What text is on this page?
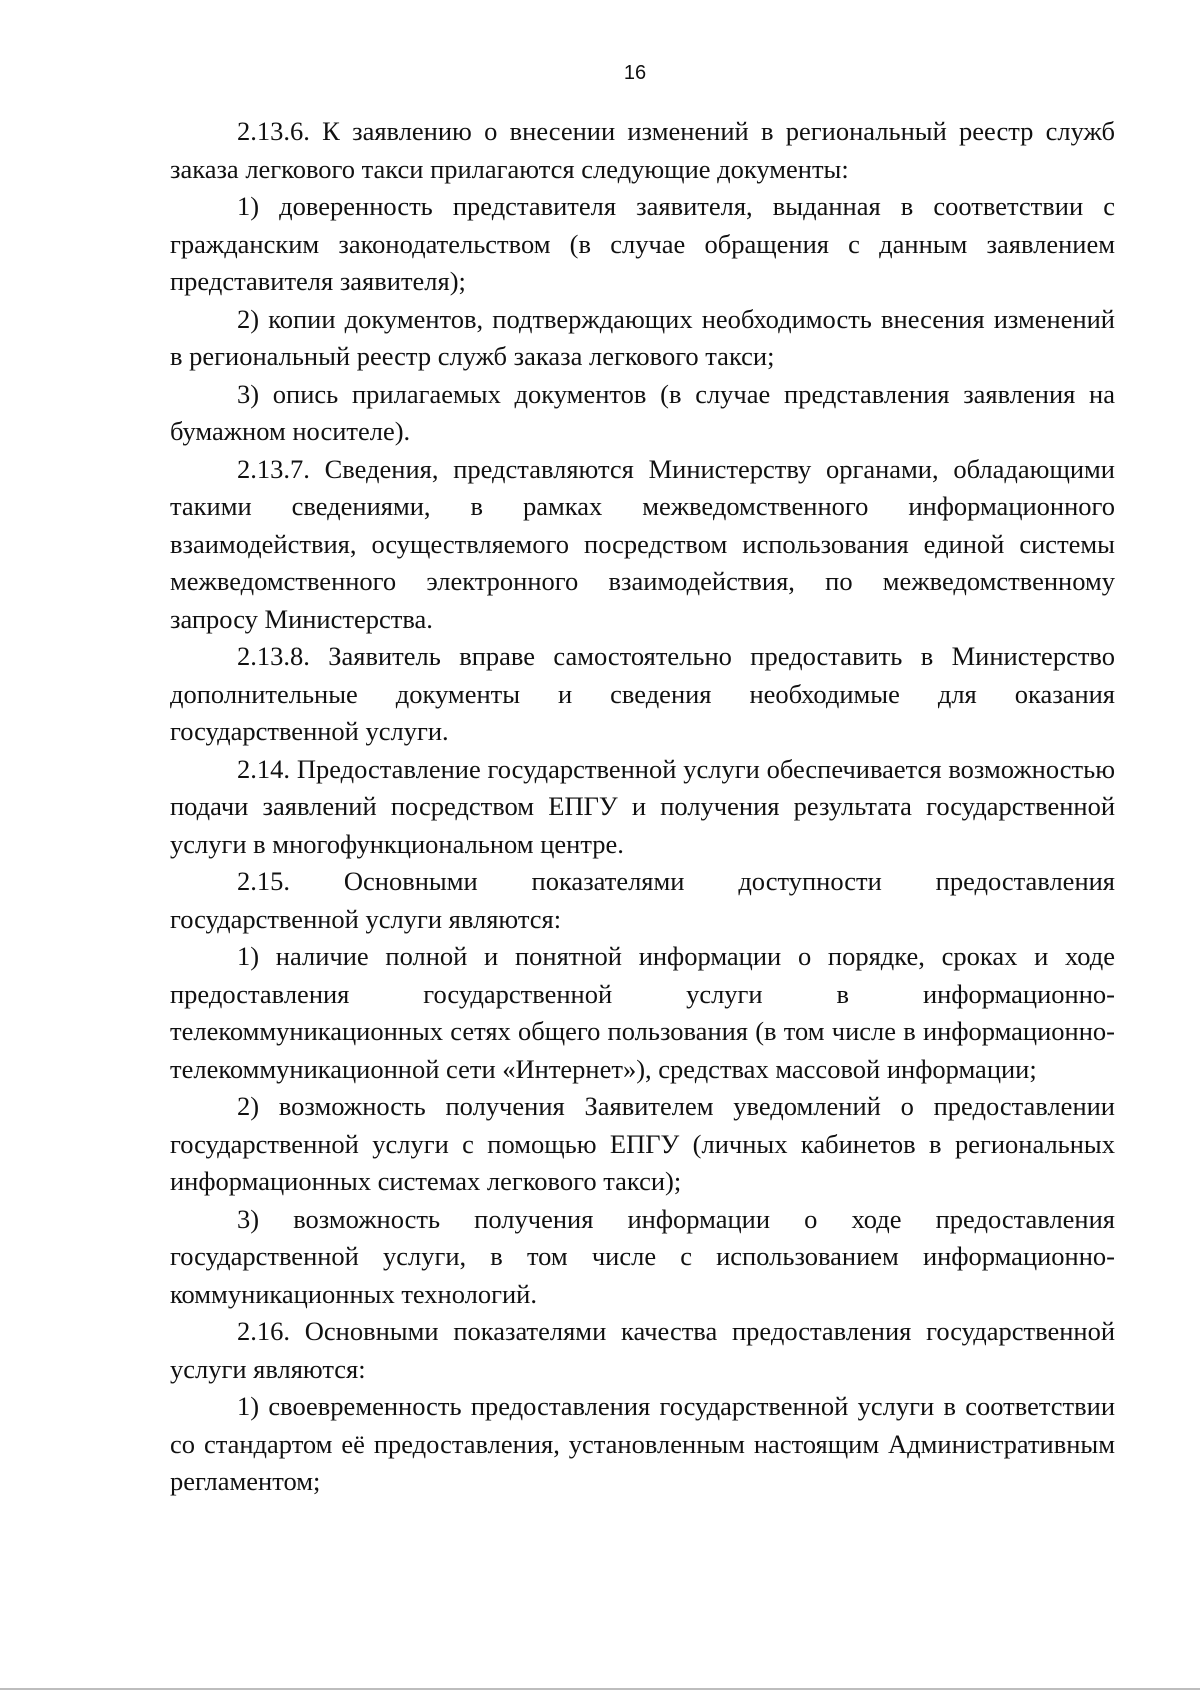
16

2.13.6. К заявлению о внесении изменений в региональный реестр служб заказа легкового такси прилагаются следующие документы:

1) доверенность представителя заявителя, выданная в соответствии с гражданским законодательством (в случае обращения с данным заявлением представителя заявителя);

2) копии документов, подтверждающих необходимость внесения изменений в региональный реестр служб заказа легкового такси;

3) опись прилагаемых документов (в случае представления заявления на бумажном носителе).

2.13.7. Сведения, представляются Министерству органами, обладающими такими сведениями, в рамках межведомственного информационного взаимодействия, осуществляемого посредством использования единой системы межведомственного электронного взаимодействия, по межведомственному запросу Министерства.

2.13.8. Заявитель вправе самостоятельно предоставить в Министерство дополнительные документы и сведения необходимые для оказания государственной услуги.

2.14. Предоставление государственной услуги обеспечивается возможностью подачи заявлений посредством ЕПГУ и получения результата государственной услуги в многофункциональном центре.

2.15. Основными показателями доступности предоставления государственной услуги являются:

1) наличие полной и понятной информации о порядке, сроках и ходе предоставления государственной услуги в информационно-телекоммуникационных сетях общего пользования (в том числе в информационно-телекоммуникационной сети «Интернет»), средствах массовой информации;

2) возможность получения Заявителем уведомлений о предоставлении государственной услуги с помощью ЕПГУ (личных кабинетов в региональных информационных системах легкового такси);

3) возможность получения информации о ходе предоставления государственной услуги, в том числе с использованием информационно-коммуникационных технологий.

2.16. Основными показателями качества предоставления государственной услуги являются:

1) своевременность предоставления государственной услуги в соответствии со стандартом её предоставления, установленным настоящим Административным регламентом;
